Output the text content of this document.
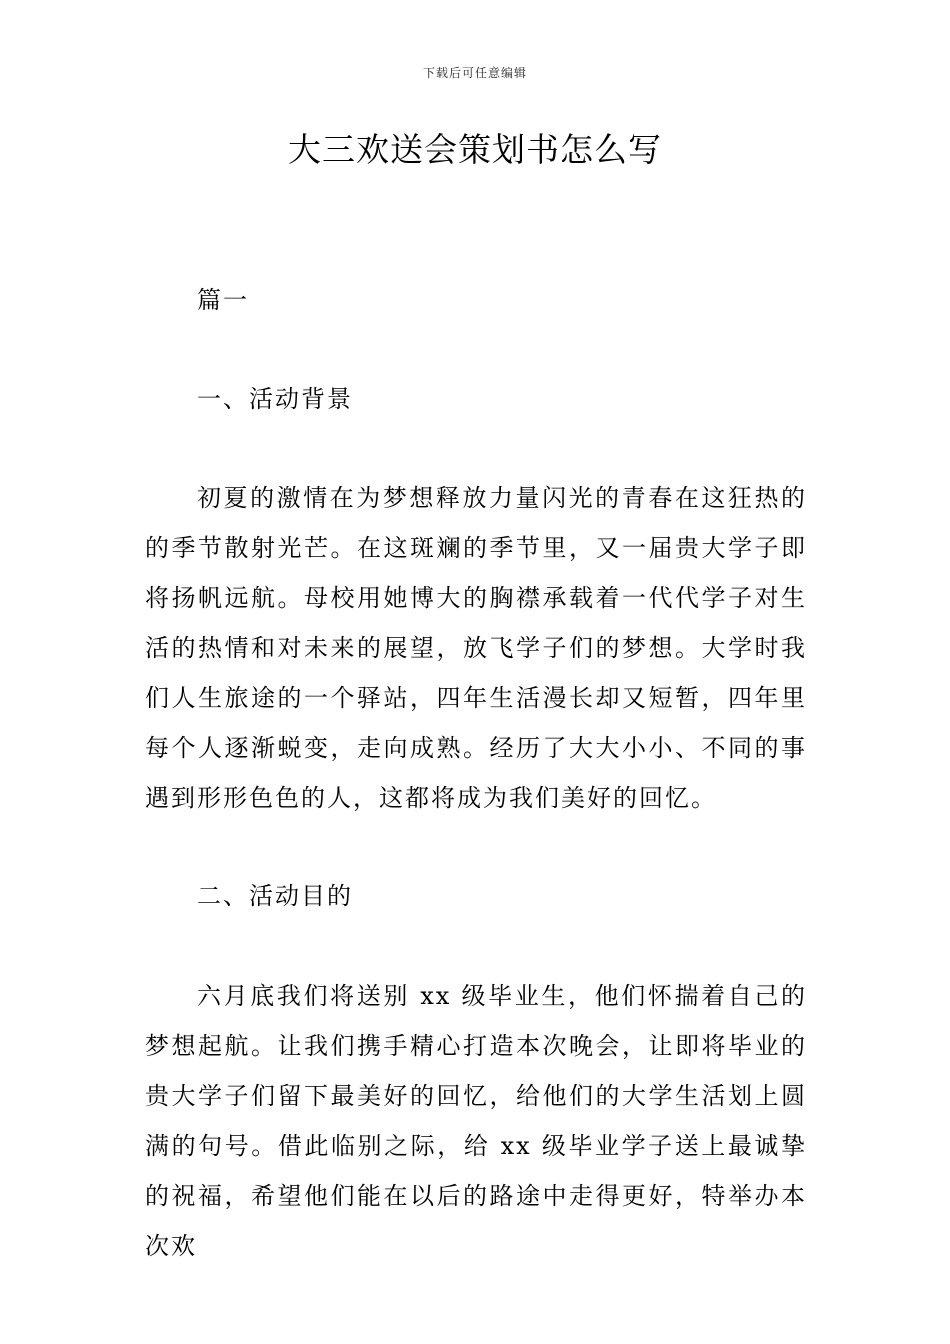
下载后可任意编辑
大三欢送会策划书怎么写
篇一
一、活动背景
初夏的激情在为梦想释放力量闪光的青春在这狂热的的季节散射光芒。在这斑斓的季节里，又一届贵大学子即将扬帆远航。母校用她博大的胸襟承载着一代代学子对生活的热情和对未来的展望，放飞学子们的梦想。大学时我们人生旅途的一个驿站，四年生活漫长却又短暂，四年里每个人逐渐蜕变，走向成熟。经历了大大小小、不同的事遇到形形色色的人，这都将成为我们美好的回忆。
二、活动目的
六月底我们将送别 xx 级毕业生，他们怀揣着自己的梦想起航。让我们携手精心打造本次晚会，让即将毕业的贵大学子们留下最美好的回忆，给他们的大学生活划上圆满的句号。借此临别之际，给 xx 级毕业学子送上最诚挚的祝福，希望他们能在以后的路途中走得更好，特举办本次欢
